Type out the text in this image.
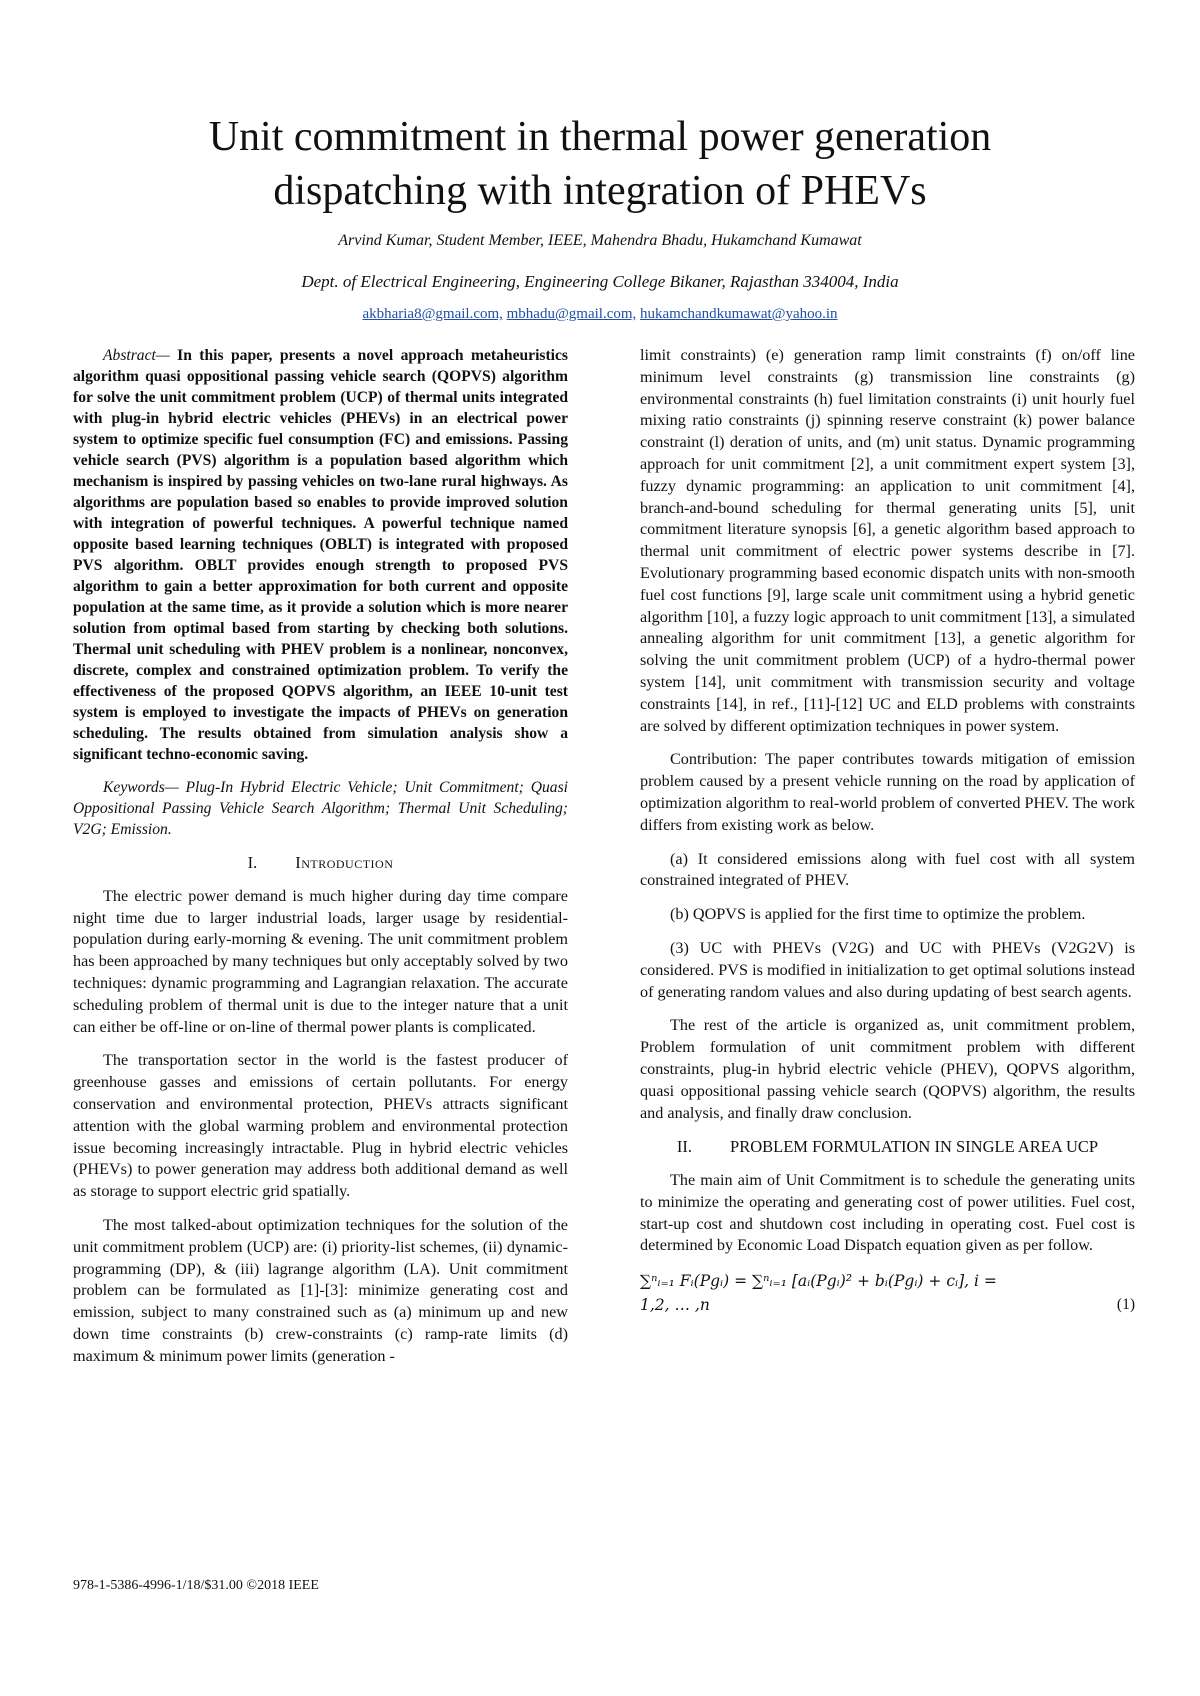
Unit commitment in thermal power generation
dispatching with integration of PHEVs
Arvind Kumar, Student Member, IEEE, Mahendra Bhadu, Hukamchand Kumawat
Dept. of Electrical Engineering, Engineering College Bikaner, Rajasthan 334004, India
akbharia8@gmail.com, mbhadu@gmail.com, hukamchandkumawat@yahoo.in

Abstract— In this paper, presents a novel approach metaheuristics algorithm quasi oppositional passing vehicle search (QOPVS) algorithm for solve the unit commitment problem (UCP) of thermal units integrated with plug-in hybrid electric vehicles (PHEVs) in an electrical power system to optimize specific fuel consumption (FC) and emissions. Passing vehicle search (PVS) algorithm is a population based algorithm which mechanism is inspired by passing vehicles on two-lane rural highways. As algorithms are population based so enables to provide improved solution with integration of powerful techniques. A powerful technique named opposite based learning techniques (OBLT) is integrated with proposed PVS algorithm. OBLT provides enough strength to proposed PVS algorithm to gain a better approximation for both current and opposite population at the same time, as it provide a solution which is more nearer solution from optimal based from starting by checking both solutions. Thermal unit scheduling with PHEV problem is a nonlinear, nonconvex, discrete, complex and constrained optimization problem. To verify the effectiveness of the proposed QOPVS algorithm, an IEEE 10-unit test system is employed to investigate the impacts of PHEVs on generation scheduling. The results obtained from simulation analysis show a significant techno-economic saving.

Keywords— Plug-In Hybrid Electric Vehicle; Unit Commitment; Quasi Oppositional Passing Vehicle Search Algorithm; Thermal Unit Scheduling; V2G; Emission.

I. Introduction

The electric power demand is much higher during day time compare night time due to larger industrial loads, larger usage by residential-population during early-morning & evening. The unit commitment problem has been approached by many techniques but only acceptably solved by two techniques: dynamic programming and Lagrangian relaxation. The accurate scheduling problem of thermal unit is due to the integer nature that a unit can either be off-line or on-line of thermal power plants is complicated.

The transportation sector in the world is the fastest producer of greenhouse gasses and emissions of certain pollutants. For energy conservation and environmental protection, PHEVs attracts significant attention with the global warming problem and environmental protection issue becoming increasingly intractable. Plug in hybrid electric vehicles (PHEVs) to power generation may address both additional demand as well as storage to support electric grid spatially.

The most talked-about optimization techniques for the solution of the unit commitment problem (UCP) are: (i) priority-list schemes, (ii) dynamic-programming (DP), & (iii) lagrange algorithm (LA). Unit commitment problem can be formulated as [1]-[3]: minimize generating cost and emission, subject to many constrained such as (a) minimum up and new down time constraints (b) crew-constraints (c) ramp-rate limits (d) maximum & minimum power limits (generation -

limit constraints) (e) generation ramp limit constraints (f) on/off line minimum level constraints (g) transmission line constraints (g) environmental constraints (h) fuel limitation constraints (i) unit hourly fuel mixing ratio constraints (j) spinning reserve constraint (k) power balance constraint (l) deration of units, and (m) unit status. Dynamic programming approach for unit commitment [2], a unit commitment expert system [3], fuzzy dynamic programming: an application to unit commitment [4], branch-and-bound scheduling for thermal generating units [5], unit commitment literature synopsis [6], a genetic algorithm based approach to thermal unit commitment of electric power systems describe in [7]. Evolutionary programming based economic dispatch units with non-smooth fuel cost functions [9], large scale unit commitment using a hybrid genetic algorithm [10], a fuzzy logic approach to unit commitment [13], a simulated annealing algorithm for unit commitment [13], a genetic algorithm for solving the unit commitment problem (UCP) of a hydro-thermal power system [14], unit commitment with transmission security and voltage constraints [14], in ref., [11]-[12] UC and ELD problems with constraints are solved by different optimization techniques in power system.

Contribution: The paper contributes towards mitigation of emission problem caused by a present vehicle running on the road by application of optimization algorithm to real-world problem of converted PHEV. The work differs from existing work as below.

(a) It considered emissions along with fuel cost with all system constrained integrated of PHEV.

(b) QOPVS is applied for the first time to optimize the problem.

(3) UC with PHEVs (V2G) and UC with PHEVs (V2G2V) is considered. PVS is modified in initialization to get optimal solutions instead of generating random values and also during updating of best search agents.

The rest of the article is organized as, unit commitment problem, Problem formulation of unit commitment problem with different constraints, plug-in hybrid electric vehicle (PHEV), QOPVS algorithm, quasi oppositional passing vehicle search (QOPVS) algorithm, the results and analysis, and finally draw conclusion.

II. PROBLEM FORMULATION IN SINGLE AREA UCP

The main aim of Unit Commitment is to schedule the generating units to minimize the operating and generating cost of power utilities. Fuel cost, start-up cost and shutdown cost including in operating cost. Fuel cost is determined by Economic Load Dispatch equation given as per follow.

∑ⁿᵢ₌₁ Fᵢ(Pgᵢ) = ∑ⁿᵢ₌₁ [aᵢ(Pgᵢ)² + bᵢ(Pgᵢ) + cᵢ], i =
1,2, … ,n	(1)
978-1-5386-4996-1/18/$31.00 ©2018 IEEE
